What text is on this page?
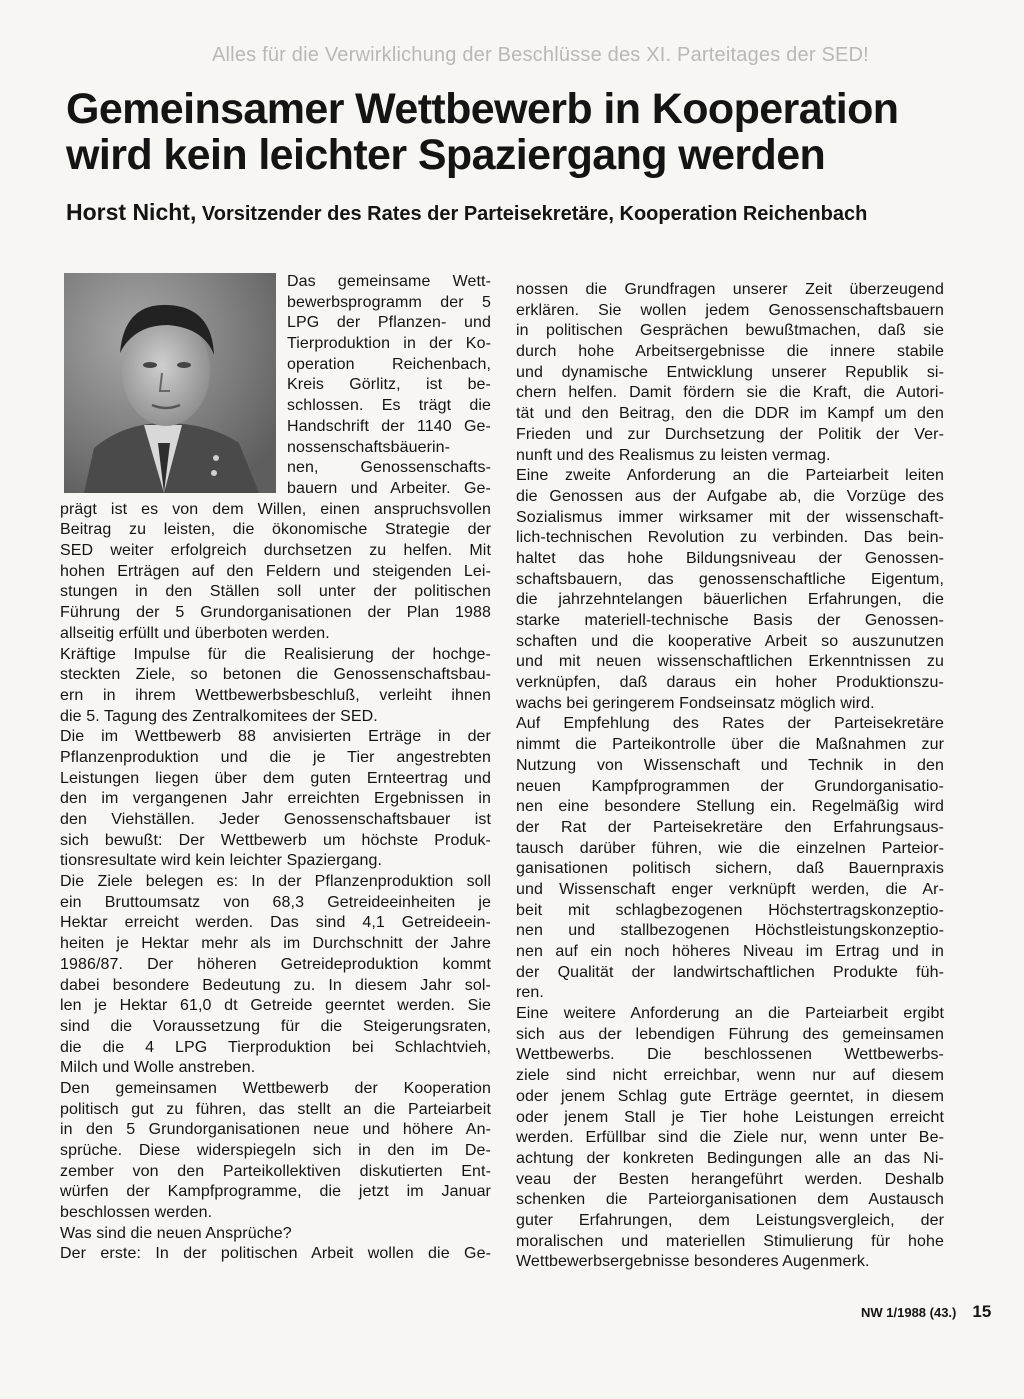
Alles für die Verwirklichung der Beschlüsse des XI. Parteitages der SED!
Gemeinsamer Wettbewerb in Kooperation
wird kein leichter Spaziergang werden
Horst Nicht, Vorsitzender des Rates der Parteisekretäre, Kooperation Reichenbach
Das gemeinsame Wett-
bewerbsprogramm der 5
LPG der Pflanzen- und
Tierproduktion in der Ko-
operation Reichenbach,
Kreis Görlitz, ist be-
schlossen. Es trägt die
Handschrift der 1140 Ge-
nossenschaftsbäuerin-
nen, Genossenschafts-
bauern und Arbeiter. Ge-
prägt ist es von dem Willen, einen anspruchsvollen
Beitrag zu leisten, die ökonomische Strategie der
SED weiter erfolgreich durchsetzen zu helfen. Mit
hohen Erträgen auf den Feldern und steigenden Lei-
stungen in den Ställen soll unter der politischen
Führung der 5 Grundorganisationen der Plan 1988
allseitig erfüllt und überboten werden.
Kräftige Impulse für die Realisierung der hochge-
steckten Ziele, so betonen die Genossenschaftsbau-
ern in ihrem Wettbewerbsbeschluß, verleiht ihnen
die 5. Tagung des Zentralkomitees der SED.
Die im Wettbewerb 88 anvisierten Erträge in der
Pflanzenproduktion und die je Tier angestrebten
Leistungen liegen über dem guten Ernteertrag und
den im vergangenen Jahr erreichten Ergebnissen in
den Viehställen. Jeder Genossenschaftsbauer ist
sich bewußt: Der Wettbewerb um höchste Produk-
tionsresultate wird kein leichter Spaziergang.
Die Ziele belegen es: In der Pflanzenproduktion soll
ein Bruttoumsatz von 68,3 Getreideeinheiten je
Hektar erreicht werden. Das sind 4,1 Getreideein-
heiten je Hektar mehr als im Durchschnitt der Jahre
1986/87. Der höheren Getreideproduktion kommt
dabei besondere Bedeutung zu. In diesem Jahr sol-
len je Hektar 61,0 dt Getreide geerntet werden. Sie
sind die Voraussetzung für die Steigerungsraten,
die die 4 LPG Tierproduktion bei Schlachtvieh,
Milch und Wolle anstreben.
Den gemeinsamen Wettbewerb der Kooperation
politisch gut zu führen, das stellt an die Parteiarbeit
in den 5 Grundorganisationen neue und höhere An-
sprüche. Diese widerspiegeln sich in den im De-
zember von den Parteikollektiven diskutierten Ent-
würfen der Kampfprogramme, die jetzt im Januar
beschlossen werden.
Was sind die neuen Ansprüche?
Der erste: In der politischen Arbeit wollen die Ge-
nossen die Grundfragen unserer Zeit überzeugend
erklären. Sie wollen jedem Genossenschaftsbauern
in politischen Gesprächen bewußtmachen, daß sie
durch hohe Arbeitsergebnisse die innere stabile
und dynamische Entwicklung unserer Republik si-
chern helfen. Damit fördern sie die Kraft, die Autori-
tät und den Beitrag, den die DDR im Kampf um den
Frieden und zur Durchsetzung der Politik der Ver-
nunft und des Realismus zu leisten vermag.
Eine zweite Anforderung an die Parteiarbeit leiten
die Genossen aus der Aufgabe ab, die Vorzüge des
Sozialismus immer wirksamer mit der wissenschaft-
lich-technischen Revolution zu verbinden. Das bein-
haltet das hohe Bildungsniveau der Genossen-
schaftsbauern, das genossenschaftliche Eigentum,
die jahrzehntelangen bäuerlichen Erfahrungen, die
starke materiell-technische Basis der Genossen-
schaften und die kooperative Arbeit so auszunutzen
und mit neuen wissenschaftlichen Erkenntnissen zu
verknüpfen, daß daraus ein hoher Produktionszu-
wachs bei geringerem Fondseinsatz möglich wird.
Auf Empfehlung des Rates der Parteisekretäre
nimmt die Parteikontrolle über die Maßnahmen zur
Nutzung von Wissenschaft und Technik in den
neuen Kampfprogrammen der Grundorganisatio-
nen eine besondere Stellung ein. Regelmäßig wird
der Rat der Parteisekretäre den Erfahrungsaus-
tausch darüber führen, wie die einzelnen Parteior-
ganisationen politisch sichern, daß Bauernpraxis
und Wissenschaft enger verknüpft werden, die Ar-
beit mit schlagbezogenen Höchstertragskonzeptio-
nen und stallbezogenen Höchstleistungskonzeptio-
nen auf ein noch höheres Niveau im Ertrag und in
der Qualität der landwirtschaftlichen Produkte füh-
ren.
Eine weitere Anforderung an die Parteiarbeit ergibt
sich aus der lebendigen Führung des gemeinsamen
Wettbewerbs. Die beschlossenen Wettbewerbs-
ziele sind nicht erreichbar, wenn nur auf diesem
oder jenem Schlag gute Erträge geerntet, in diesem
oder jenem Stall je Tier hohe Leistungen erreicht
werden. Erfüllbar sind die Ziele nur, wenn unter Be-
achtung der konkreten Bedingungen alle an das Ni-
veau der Besten herangeführt werden. Deshalb
schenken die Parteiorganisationen dem Austausch
guter Erfahrungen, dem Leistungsvergleich, der
moralischen und materiellen Stimulierung für hohe
Wettbewerbsergebnisse besonderes Augenmerk.
NW 1/1988 (43.) 15
